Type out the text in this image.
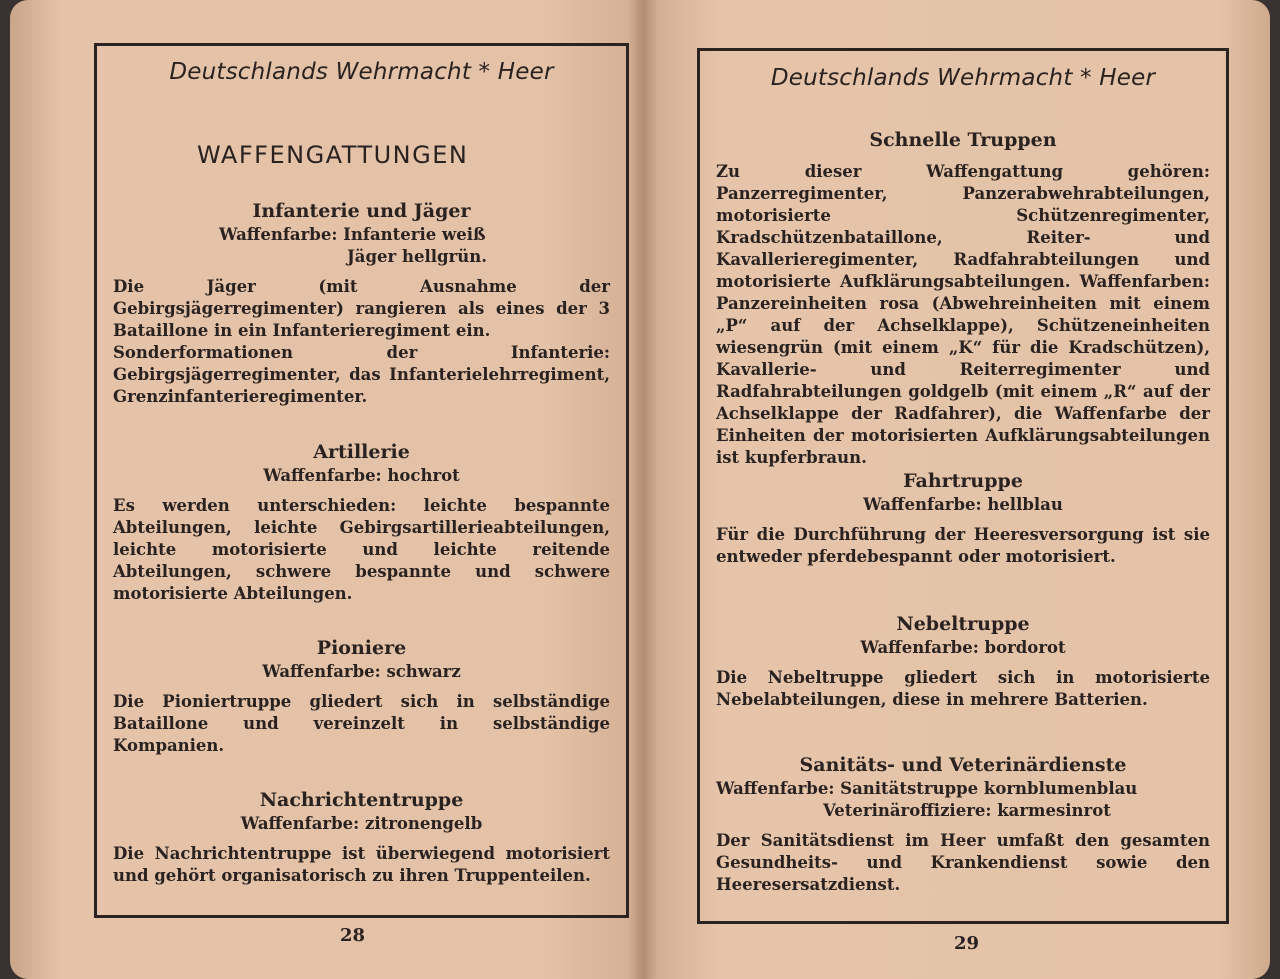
Deutschlands Wehrmacht * Heer
WAFFENGATTUNGEN
Infanterie und Jäger
Waffenfarbe: Infanterie weiß
Jäger hellgrün.

Die Jäger (mit Ausnahme der Gebirgsjägerregimenter) rangieren als eines der 3 Bataillone in ein Infanterieregiment ein.

Sonderformationen der Infanterie: Gebirgsjägerregimenter, das Infanterielehrregiment, Grenzinfanterieregimenter.

Artillerie
Waffenfarbe: hochrot

Es werden unterschieden: leichte bespannte Abteilungen, leichte Gebirgsartillerieabteilungen, leichte motorisierte und leichte reitende Abteilungen, schwere bespannte und schwere motorisierte Abteilungen.

Pioniere
Waffenfarbe: schwarz

Die Pioniertruppe gliedert sich in selbständige Bataillone und vereinzelt in selbständige Kompanien.

Nachrichtentruppe
Waffenfarbe: zitronengelb

Die Nachrichtentruppe ist überwiegend motorisiert und gehört organisatorisch zu ihren Truppenteilen.

28	29
Deutschlands Wehrmacht * Heer
Schnelle Truppen

Zu dieser Waffengattung gehören: Panzerregimenter, Panzerabwehrabteilungen, motorisierte Schützenregimenter, Kradschützenbataillone, Reiter- und Kavallerieregimenter, Radfahrabteilungen und motorisierte Aufklärungsabteilungen. Waffenfarben: Panzereinheiten rosa (Abwehreinheiten mit einem „P“ auf der Achselklappe), Schützeneinheiten wiesengrün (mit einem „K“ für die Kradschützen), Kavallerie- und Reiterregimenter und Radfahrabteilungen goldgelb (mit einem „R“ auf der Achselklappe der Radfahrer), die Waffenfarbe der Einheiten der motorisierten Aufklärungsabteilungen ist kupferbraun.

Fahrtruppe
Waffenfarbe: hellblau

Für die Durchführung der Heeresversorgung ist sie entweder pferdebespannt oder motorisiert.

Nebeltruppe
Waffenfarbe: bordorot

Die Nebeltruppe gliedert sich in motorisierte Nebelabteilungen, diese in mehrere Batterien.

Sanitäts- und Veterinärdienste
Waffenfarbe: Sanitätstruppe kornblumenblau
Veterinäroffiziere: karmesinrot

Der Sanitätsdienst im Heer umfaßt den gesamten Gesundheits- und Krankendienst sowie den Heeresersatzdienst.
